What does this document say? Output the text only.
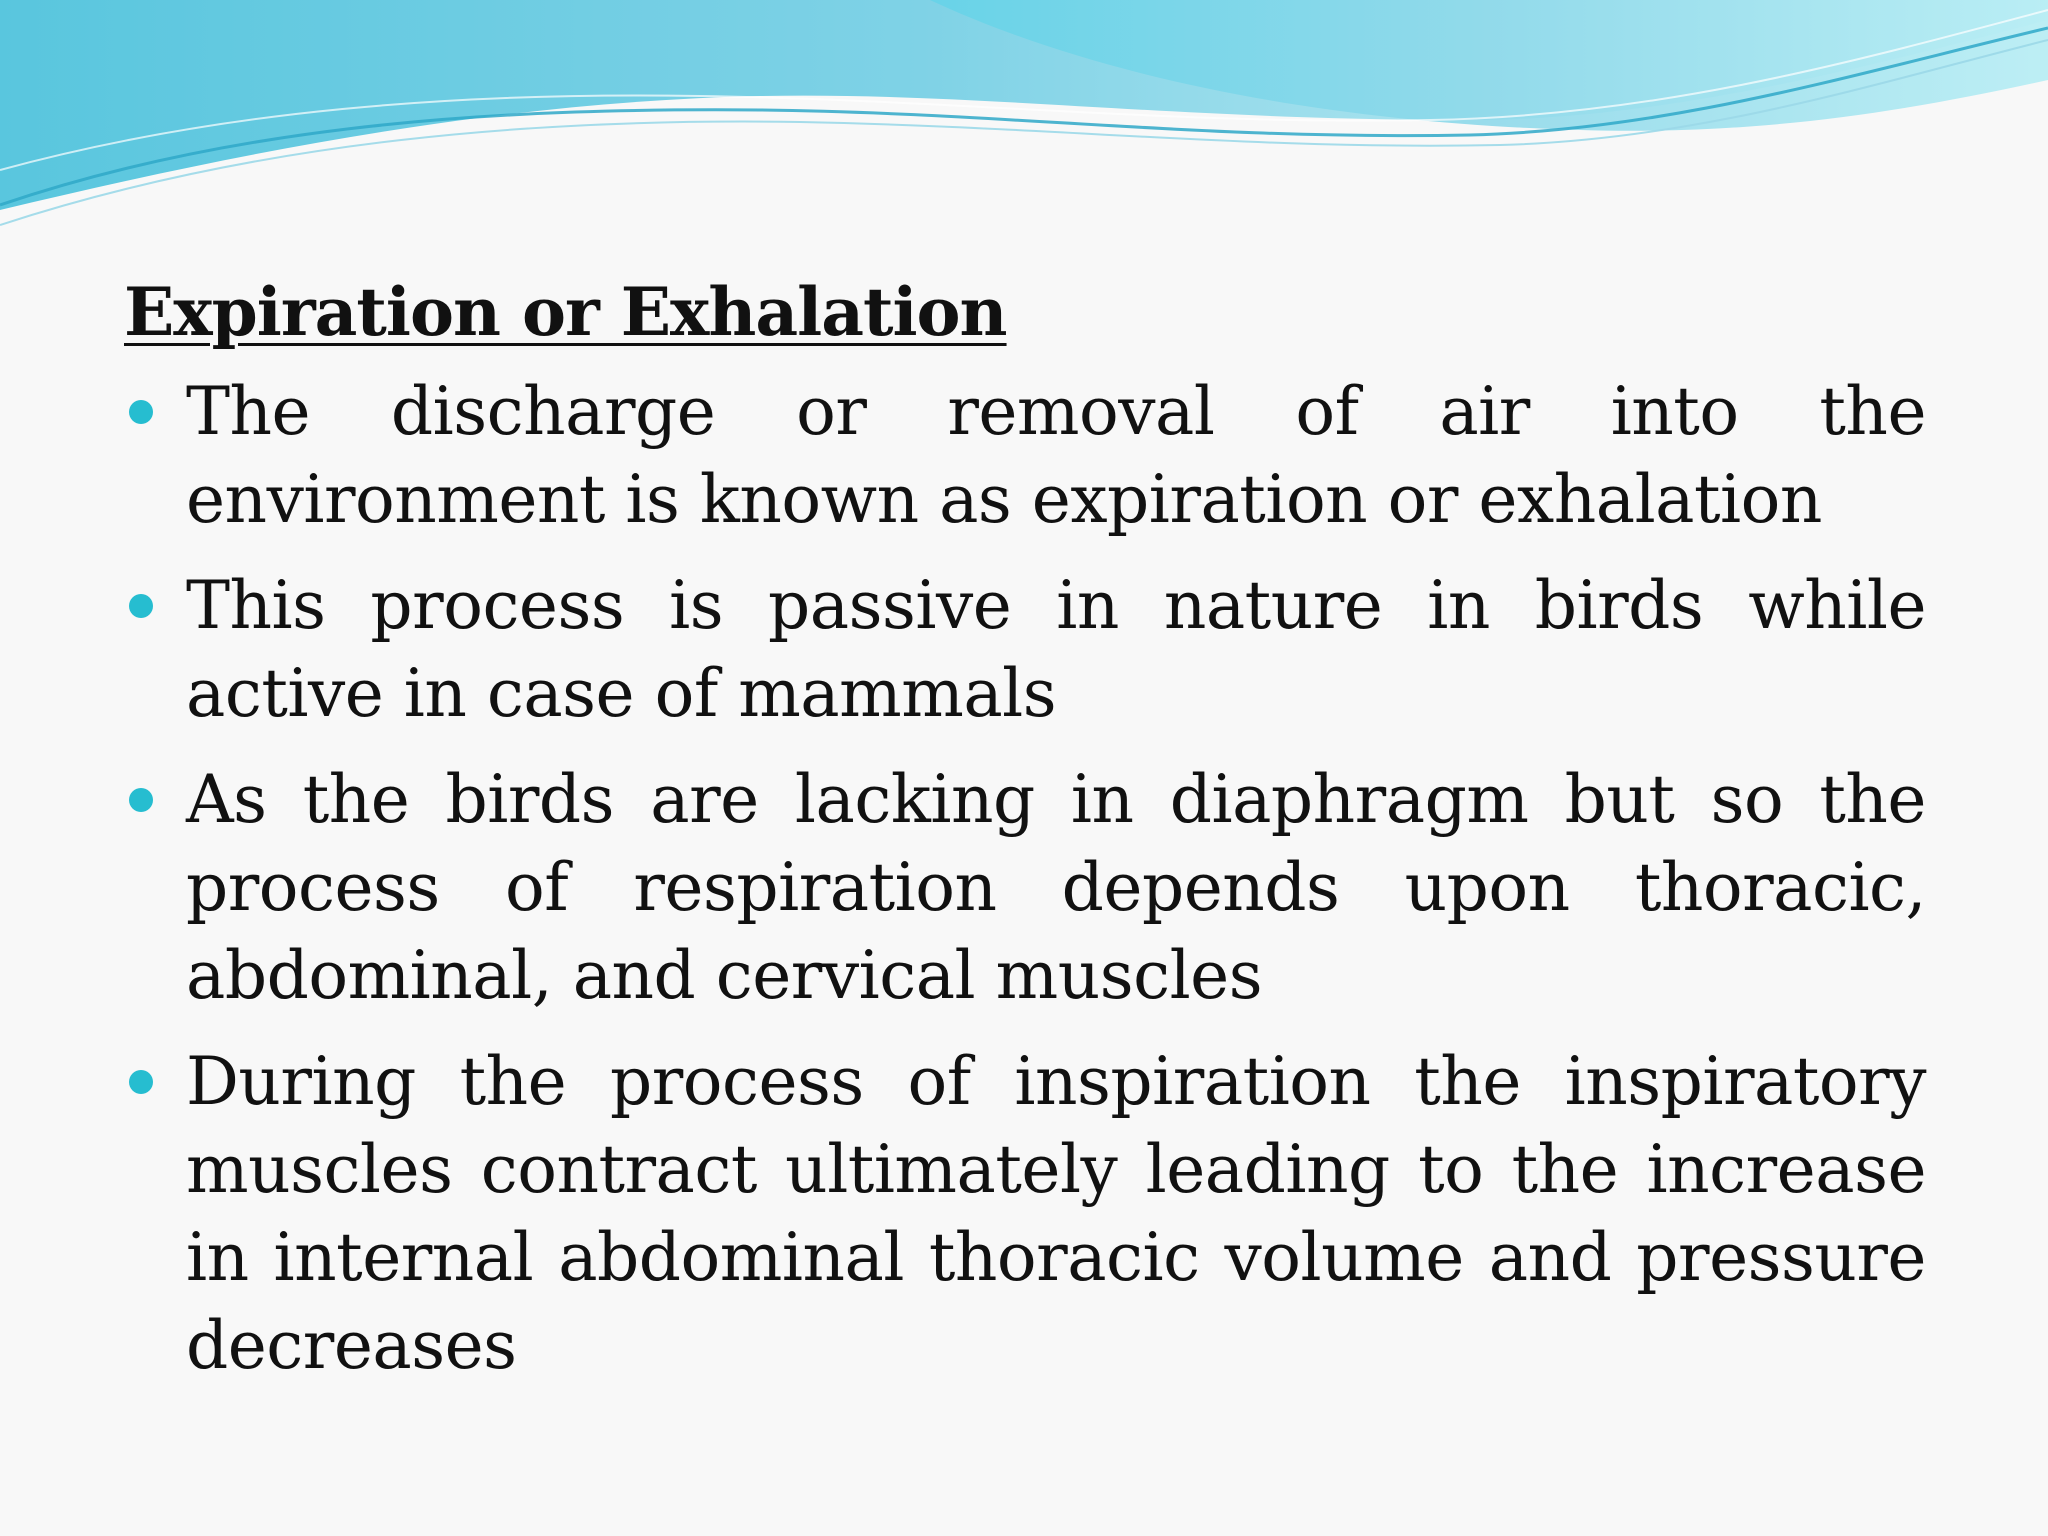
Expiration or Exhalation
The discharge or removal of air into the environment is known as expiration or exhalation
This process is passive in nature in birds while active in case of mammals
As the birds are lacking in diaphragm but so the process of respiration depends upon thoracic, abdominal, and cervical muscles
During the process of inspiration the inspiratory muscles contract ultimately leading to the increase in internal abdominal thoracic volume and pressure decreases
